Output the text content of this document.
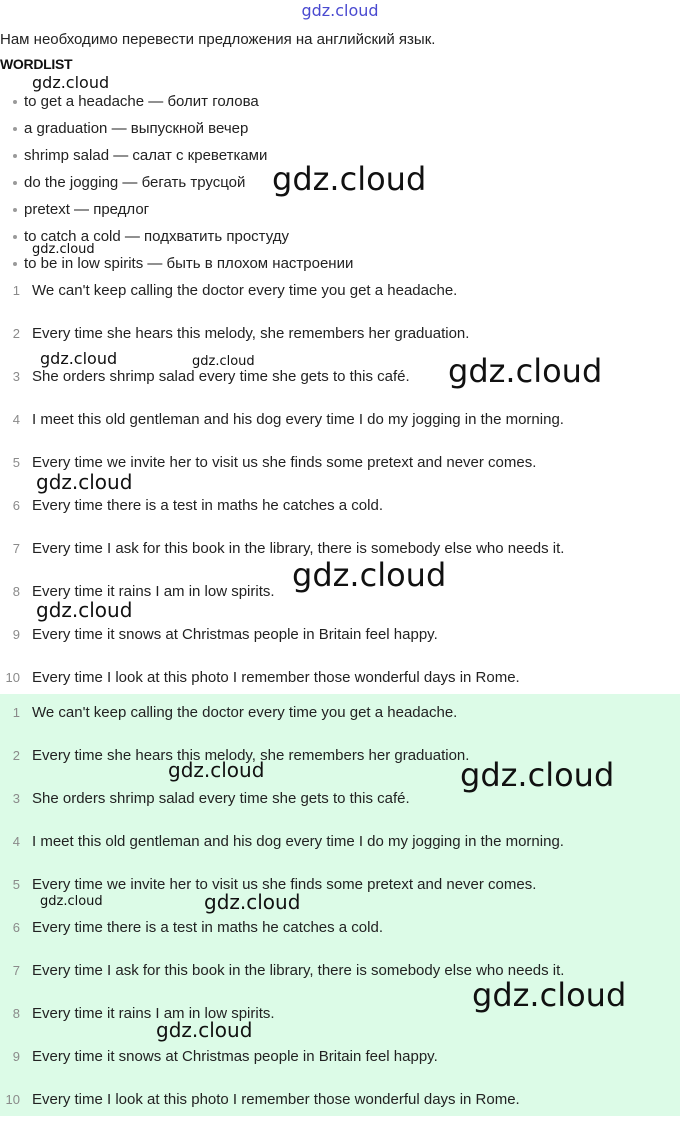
gdz.cloud
Нам необходимо перевести предложения на английский язык.
WORDLIST
to get a headache — болит голова
a graduation — выпускной вечер
shrimp salad — салат с креветками
do the jogging — бегать трусцой
pretext — предлог
to catch a cold — подхватить простуду
to be in low spirits — быть в плохом настроении
1 We can't keep calling the doctor every time you get a headache.
2 Every time she hears this melody, she remembers her graduation.
3 She orders shrimp salad every time she gets to this café.
4 I meet this old gentleman and his dog every time I do my jogging in the morning.
5 Every time we invite her to visit us she finds some pretext and never comes.
6 Every time there is a test in maths he catches a cold.
7 Every time I ask for this book in the library, there is somebody else who needs it.
8 Every time it rains I am in low spirits.
9 Every time it snows at Christmas people in Britain feel happy.
10 Every time I look at this photo I remember those wonderful days in Rome.
1 We can't keep calling the doctor every time you get a headache.
2 Every time she hears this melody, she remembers her graduation.
3 She orders shrimp salad every time she gets to this café.
4 I meet this old gentleman and his dog every time I do my jogging in the morning.
5 Every time we invite her to visit us she finds some pretext and never comes.
6 Every time there is a test in maths he catches a cold.
7 Every time I ask for this book in the library, there is somebody else who needs it.
8 Every time it rains I am in low spirits.
9 Every time it snows at Christmas people in Britain feel happy.
10 Every time I look at this photo I remember those wonderful days in Rome.
gdz.cloud
gdz.cloud
gdz.cloud
gdz.cloud	gdz.cloud	gdz.cloud
gdz.cloud
gdz.cloud
gdz.cloud
gdz.cloud	gdz.cloud
gdz.cloud	gdz.cloud
gdz.cloud
gdz.cloud
